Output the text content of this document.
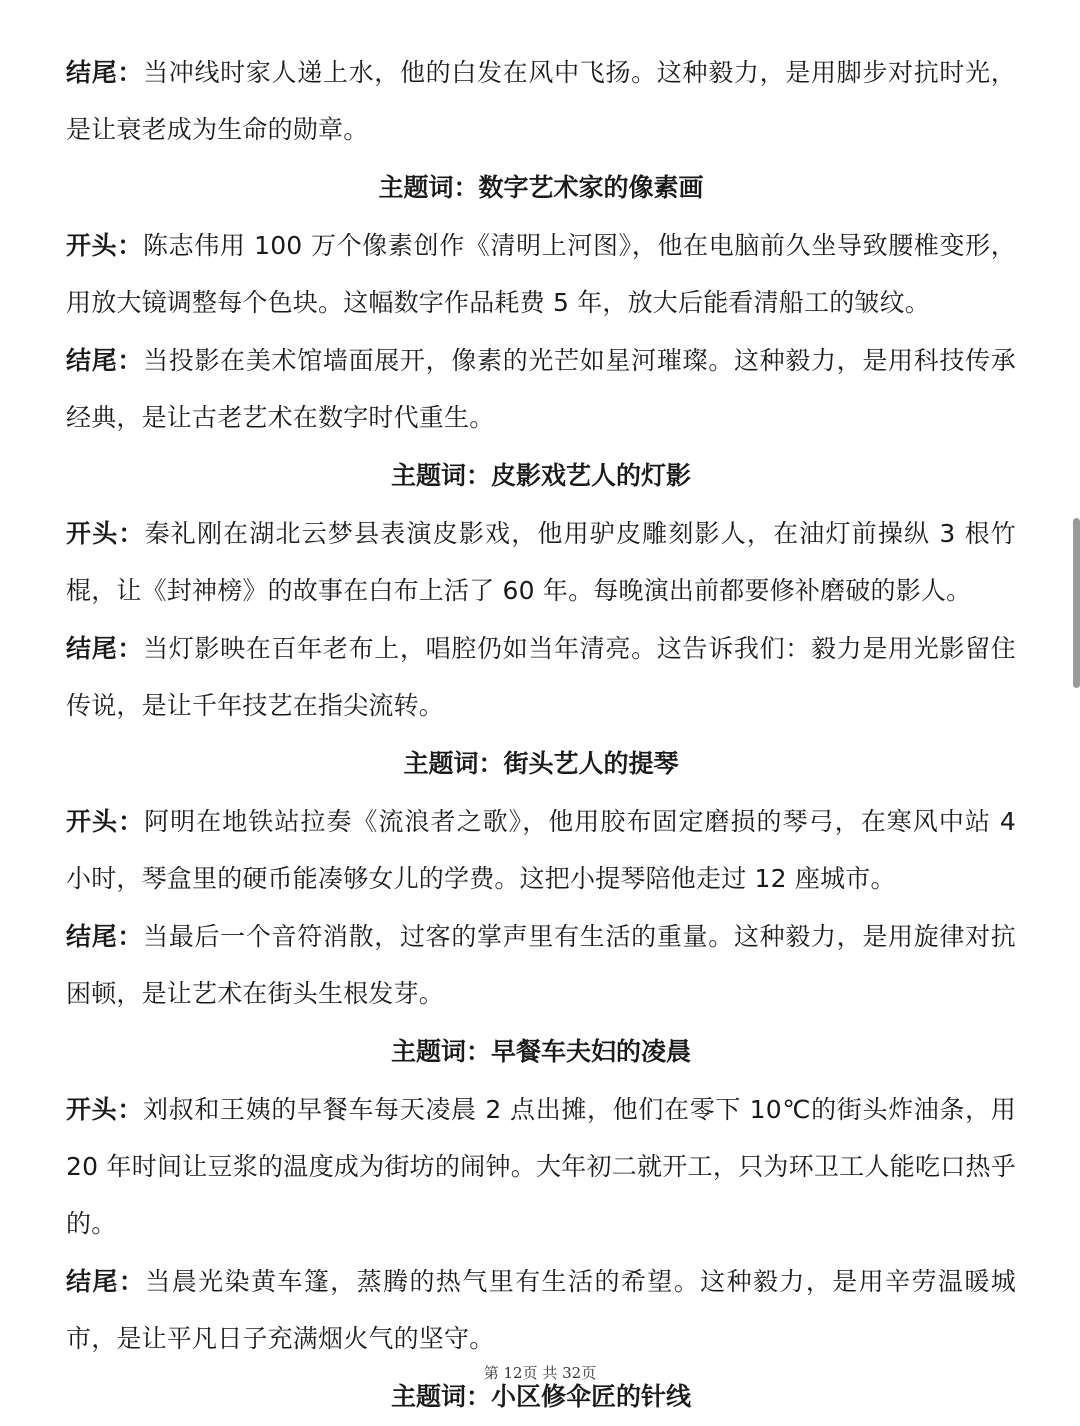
结尾：当冲线时家人递上水，他的白发在风中飞扬。这种毅力，是用脚步对抗时光，是让衰老成为生命的勋章。

主题词：数字艺术家的像素画

开头：陈志伟用 100 万个像素创作《清明上河图》，他在电脑前久坐导致腰椎变形，用放大镜调整每个色块。这幅数字作品耗费 5 年，放大后能看清船工的皱纹。

结尾：当投影在美术馆墙面展开，像素的光芒如星河璀璨。这种毅力，是用科技传承经典，是让古老艺术在数字时代重生。

主题词：皮影戏艺人的灯影

开头：秦礼刚在湖北云梦县表演皮影戏，他用驴皮雕刻影人，在油灯前操纵 3 根竹棍，让《封神榜》的故事在白布上活了 60 年。每晚演出前都要修补磨破的影人。

结尾：当灯影映在百年老布上，唱腔仍如当年清亮。这告诉我们：毅力是用光影留住传说，是让千年技艺在指尖流转。

主题词：街头艺人的提琴

开头：阿明在地铁站拉奏《流浪者之歌》，他用胶布固定磨损的琴弓，在寒风中站 4 小时，琴盒里的硬币能凑够女儿的学费。这把小提琴陪他走过 12 座城市。

结尾：当最后一个音符消散，过客的掌声里有生活的重量。这种毅力，是用旋律对抗困顿，是让艺术在街头生根发芽。

主题词：早餐车夫妇的凌晨

开头：刘叔和王姨的早餐车每天凌晨 2 点出摊，他们在零下 10℃的街头炸油条，用 20 年时间让豆浆的温度成为街坊的闹钟。大年初二就开工，只为环卫工人能吃口热乎的。

结尾：当晨光染黄车篷，蒸腾的热气里有生活的希望。这种毅力，是用辛劳温暖城市，是让平凡日子充满烟火气的坚守。

主题词：小区修伞匠的针线

第 12页 共 32页
